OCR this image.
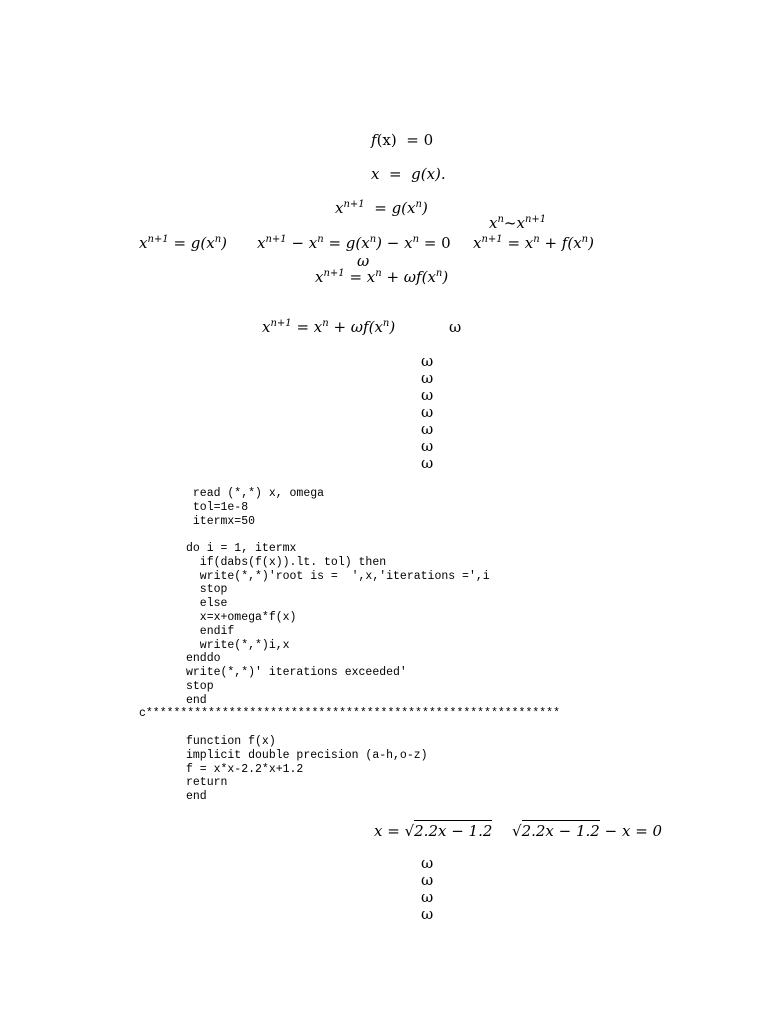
f(x) = 0
x = g(x).
$x^{n+1} = g(x^n)$
$x^n\sim x^{n+1}$
$x^{n+1} = g(x^n) x^{n+1} - x^n = g(x^n) - x^n = 0$ $x^{n+1} = x^n + f(x^n)$
ω
$x^{n+1} = x^n + \omega f(x^n)$
$x^{n+1} = x^n + \omega f(x^n)$	ω
ω
ω
ω
ω
ω
ω
ω
read (*,*) x, omega
tol=1e-8
itermx=50
do i = 1, itermx
if(dabs(f(x)).lt. tol) then
write(*,*)'root is =  ',x,'iterations =',i
stop
else
x=x+omega*f(x)
endif
write(*,*)i,x
enddo
write(*,*)' iterations exceeded'
stop
end
c************************************************************
function f(x)
implicit double precision (a-h,o-z)
f = x*x-2.2*x+1.2
return
end
x = √2.2x − 1.2 √2.2x − 1.2 − x = 0
ω
ω
ω
ω
